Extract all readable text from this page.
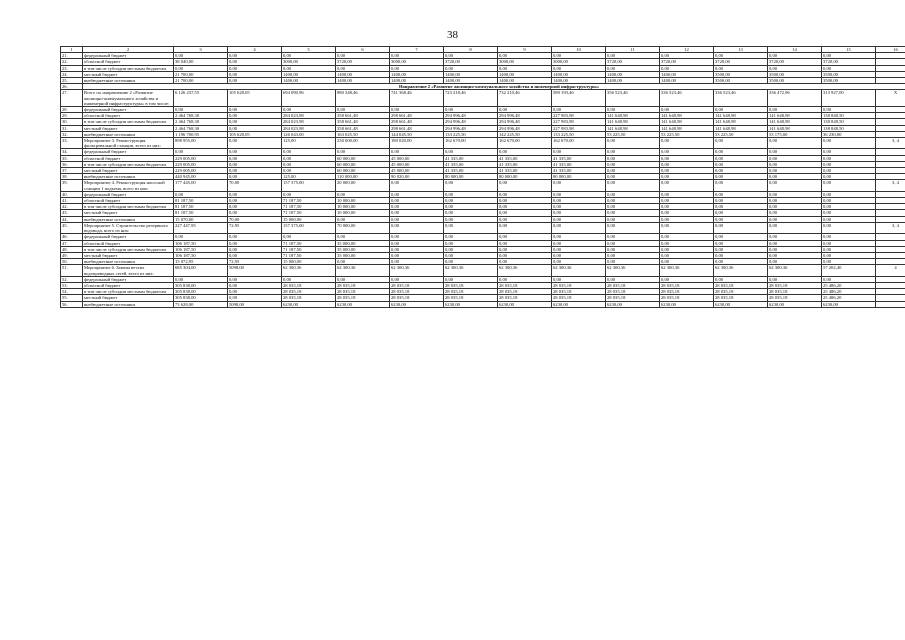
38
1	2	3	4	5	6	7	8	9	10	11	12	13	14	15	16
21.	федеральный бюджет	0,00	0,00	0,00	0,00	0,00	0,00	0,00	0,00	0,00	0,00	0,00	0,00	0,00	
22.	областной бюджет	38 040,00	0,00	3000,00	3720,00	3000,00	3720,00	3000,00	3000,00	3720,00	3720,00	3720,00	3720,00	3720,00	
23.	в том числе субсидии местным бюджетам	0,00	0,00	0,00	0,00	0,00	0,00	0,00	0,00	0,00	0,00	0,00	0,00	0,00	
24.	местный бюджет	21 700,00	0,00	1400,00	1400,00	1400,00	1400,00	1400,00	1400,00	1400,00	1400,00	3500,00	3500,00	3500,00	
25.	внебюджетные источники	21 700,00	0,00	1400,00	1400,00	1400,00	1400,00	1400,00	1400,00	1400,00	1400,00	3500,00	3500,00	3500,00	
26.	Направление 2 «Развитие жилищно-коммунального хозяйства и инженерной инфраструктуры»														
27.	Всего по направлению 2 «Развитие жилищно-коммунального хозяйства и инженерной инфраструктуры» в том числе:	6 126 237,55	105 628,05	694 090,96	880 348,46	741 368,46	723 218,46	732 210,46	589 193,46	356 523,46	336 523,46	336 523,46	336 472,96	313 927,00	X
28.	федеральный бюджет	0,00	0,00	0,00	0,00	0,00	0,00	0,00	0,00	0,00	0,00	0,00	0,00	0,00	
29.	областной бюджет	2 464 768,30	0,00	284 023,98	358 661,48	298 661,48	294 996,48	294 996,48	227 983,98	141 648,98	141 648,98	141 648,98	141 648,98	138 848,50	
30.	в том числе субсидии местным бюджетам	2 464 768,30	0,00	284 023,98	358 661,48	298 661,48	294 996,48	294 996,48	227 983,98	141 648,98	141 648,98	141 648,98	141 648,98	138 848,50	
31.	местный бюджет	2 464 768,30	0,00	284 023,98	358 661,48	298 661,48	294 996,48	294 996,48	227 983,98	141 648,98	141 648,98	141 648,98	141 648,98	138 848,50	
32.	внебюджетные источники	1 196 700,95	105 628,05	126 043,00	163 025,50	144 045,50	133 225,50	142 225,50	133 225,50	53 225,50	53 225,50	53 225,50	53 175,00	36 230,00	
33.	Мероприятие 3. Реконструкция фильтровальной станции, всего из них:	898 955,00	0,00	125,00	230 000,00	180 020,00	162 670,00	162 670,00	162 670,00	0,00	0,00	0,00	0,00	0,00	3, 4
34.	федеральный бюджет	0,00	0,00	0,00	0,00	0,00	0,00	0,00	0,00	0,00	0,00	0,00	0,00	0,00	
35.	областной бюджет	229 005,00	0,00	0,00	60 000,00	45 000,00	41 335,00	41 335,00	41 335,00	0,00	0,00	0,00	0,00	0,00	
36.	в том числе субсидии местным бюджетам	229 005,00	0,00	0,00	60 000,00	45 000,00	41 335,00	41 335,00	41 335,00	0,00	0,00	0,00	0,00	0,00	
37.	местный бюджет	229 005,00	0,00	0,00	60 000,00	45 000,00	41 335,00	41 335,00	41 335,00	0,00	0,00	0,00	0,00	0,00	
38.	внебюджетные источники	440 945,00	0,00	125,00	110 000,00	90 020,00	80 000,00	80 000,00	80 000,00	0,00	0,00	0,00	0,00	0,00	
39.	Мероприятие 4. Реконструкция насосной станции 1 подъема, всего из них:	177 445,00	70,00	157 375,00	20 000,00	0,00	0,00	0,00	0,00	0,00	0,00	0,00	0,00	0,00	3, 4
40.	федеральный бюджет	0,00	0,00	0,00	0,00	0,00	0,00	0,00	0,00	0,00	0,00	0,00	0,00	0,00	
41.	областной бюджет	81 187,50	0,00	71 187,50	10 000,00	0,00	0,00	0,00	0,00	0,00	0,00	0,00	0,00	0,00	
42.	в том числе субсидии местным бюджетам	81 187,50	0,00	71 187,50	10 000,00	0,00	0,00	0,00	0,00	0,00	0,00	0,00	0,00	0,00	
43.	местный бюджет	81 187,50	0,00	71 187,50	10 000,00	0,00	0,00	0,00	0,00	0,00	0,00	0,00	0,00	0,00	
44.	внебюджетные источники	15 070,00	70,00	15 000,00	0,00	0,00	0,00	0,00	0,00	0,00	0,00	0,00	0,00	0,00	
45.	Мероприятие 5. Строительство резервного водовода, всего из них:	227 447,95	72,95	157 375,00	70 000,00	0,00	0,00	0,00	0,00	0,00	0,00	0,00	0,00	0,00	3, 4
46.	федеральный бюджет	0,00	0,00	0,00	0,00	0,00	0,00	0,00	0,00	0,00	0,00	0,00	0,00	0,00	
47.	областной бюджет	106 187,50	0,00	71 187,50	35 000,00	0,00	0,00	0,00	0,00	0,00	0,00	0,00	0,00	0,00	
48.	в том числе субсидии местным бюджетам	106 187,50	0,00	71 187,50	35 000,00	0,00	0,00	0,00	0,00	0,00	0,00	0,00	0,00	0,00	
49.	местный бюджет	106 187,50	0,00	71 187,50	35 000,00	0,00	0,00	0,00	0,00	0,00	0,00	0,00	0,00	0,00	
50.	внебюджетные источники	15 072,95	72,95	15 000,00	0,00	0,00	0,00	0,00	0,00	0,00	0,00	0,00	0,00	0,00	
51.	Мероприятие 6. Замена ветхих водопроводных сетей, всего из них:	685 304,00	5098,00	62 300,36	62 300,36	62 300,36	62 300,36	62 300,36	62 300,36	62 300,36	62 300,36	62 300,36	62 300,36	57 202,40	4
52.	федеральный бюджет	0,00	0,00	0,00	0,00	0,00	0,00	0,00	0,00	0,00	0,00	0,00	0,00	0,00	
53.	областной бюджет	305 838,00	0,00	28 035,18	28 035,18	28 035,18	28 035,18	28 035,18	28 035,18	28 035,18	28 035,18	28 035,18	28 035,18	25 486,20	
54.	в том числе субсидии местным бюджетам	305 838,00	0,00	28 035,18	28 035,18	28 035,18	28 035,18	28 035,18	28 035,18	28 035,18	28 035,18	28 035,18	28 035,18	25 486,20	
55.	местный бюджет	305 838,00	0,00	28 035,18	28 035,18	28 035,18	28 035,18	28 035,18	28 035,18	28 035,18	28 035,18	28 035,18	28 035,18	25 486,20	
56.	внебюджетные источники	73 628,00	5098,00	6230,00	6230,00	6230,00	6230,00	6230,00	6230,00	6230,00	6230,00	6230,00	6230,00	6230,00	
